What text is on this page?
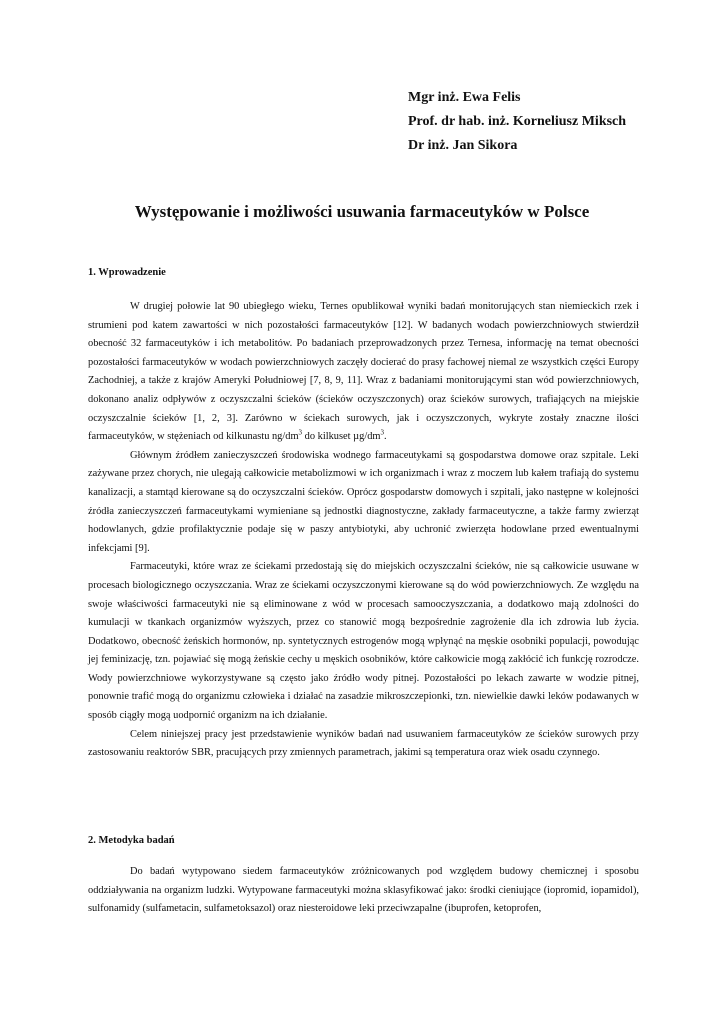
Mgr inż. Ewa Felis
Prof. dr hab. inż. Korneliusz Miksch
Dr inż. Jan Sikora
Występowanie i możliwości usuwania farmaceutyków w Polsce
1. Wprowadzenie

W drugiej połowie lat 90 ubiegłego wieku, Ternes opublikował wyniki badań monitorujących stan niemieckich rzek i strumieni pod katem zawartości w nich pozostałości farmaceutyków [12]. W badanych wodach powierzchniowych stwierdził obecność 32 farmaceutyków i ich metabolitów. Po badaniach przeprowadzonych przez Ternesa, informację na temat obecności pozostałości farmaceutyków w wodach powierzchniowych zaczęły docierać do prasy fachowej niemal ze wszystkich części Europy Zachodniej, a także z krajów Ameryki Południowej [7, 8, 9, 11]. Wraz z badaniami monitorującymi stan wód powierzchniowych, dokonano analiz odpływów z oczyszczalni ścieków (ścieków oczyszczonych) oraz ścieków surowych, trafiających na miejskie oczyszczalnie ścieków [1, 2, 3]. Zarówno w ściekach surowych, jak i oczyszczonych, wykryte zostały znaczne ilości farmaceutyków, w stężeniach od kilkunastu $ng/dm^3$ do kilkuset $\mu g/dm^3$.

Głównym źródłem zanieczyszczeń środowiska wodnego farmaceutykami są gospodarstwa domowe oraz szpitale. Leki zażywane przez chorych, nie ulegają całkowicie metabolizmowi w ich organizmach i wraz z moczem lub kałem trafiają do systemu kanalizacji, a stamtąd kierowane są do oczyszczalni ścieków. Oprócz gospodarstw domowych i szpitali, jako następne w kolejności źródła zanieczyszczeń farmaceutykami wymieniane są jednostki diagnostyczne, zakłady farmaceutyczne, a także farmy zwierząt hodowlanych, gdzie profilaktycznie podaje się w paszy antybiotyki, aby uchronić zwierzęta hodowlane przed ewentualnymi infekcjami [9].

Farmaceutyki, które wraz ze ściekami przedostają się do miejskich oczyszczalni ścieków, nie są całkowicie usuwane w procesach biologicznego oczyszczania. Wraz ze ściekami oczyszczonymi kierowane są do wód powierzchniowych. Ze względu na swoje właściwości farmaceutyki nie są eliminowane z wód w procesach samooczyszczania, a dodatkowo mają zdolności do kumulacji w tkankach organizmów wyższych, przez co stanowić mogą bezpośrednie zagrożenie dla ich zdrowia lub życia. Dodatkowo, obecność żeńskich hormonów, np. syntetycznych estrogenów mogą wpłynąć na męskie osobniki populacji, powodując jej feminizację, tzn. pojawiać się mogą żeńskie cechy u męskich osobników, które całkowicie mogą zakłócić ich funkcję rozrodcze. Wody powierzchniowe wykorzystywane są często jako źródło wody pitnej. Pozostałości po lekach zawarte w wodzie pitnej, ponownie trafić mogą do organizmu człowieka i działać na zasadzie mikroszczepionki, tzn. niewielkie dawki leków podawanych w sposób ciągły mogą uodpornić organizm na ich działanie.

Celem niniejszej pracy jest przedstawienie wyników badań nad usuwaniem farmaceutyków ze ścieków surowych przy zastosowaniu reaktorów SBR, pracujących przy zmiennych parametrach, jakimi są temperatura oraz wiek osadu czynnego.

2. Metodyka badań

Do badań wytypowano siedem farmaceutyków zróżnicowanych pod względem budowy chemicznej i sposobu oddziaływania na organizm ludzki. Wytypowane farmaceutyki można sklasyfikować jako: środki cieniujące (iopromid, iopamidol), sulfonamidy (sulfametacin, sulfametoksazol) oraz niesteroidowe leki przeciwzapalne (ibuprofen, ketoprofen,
